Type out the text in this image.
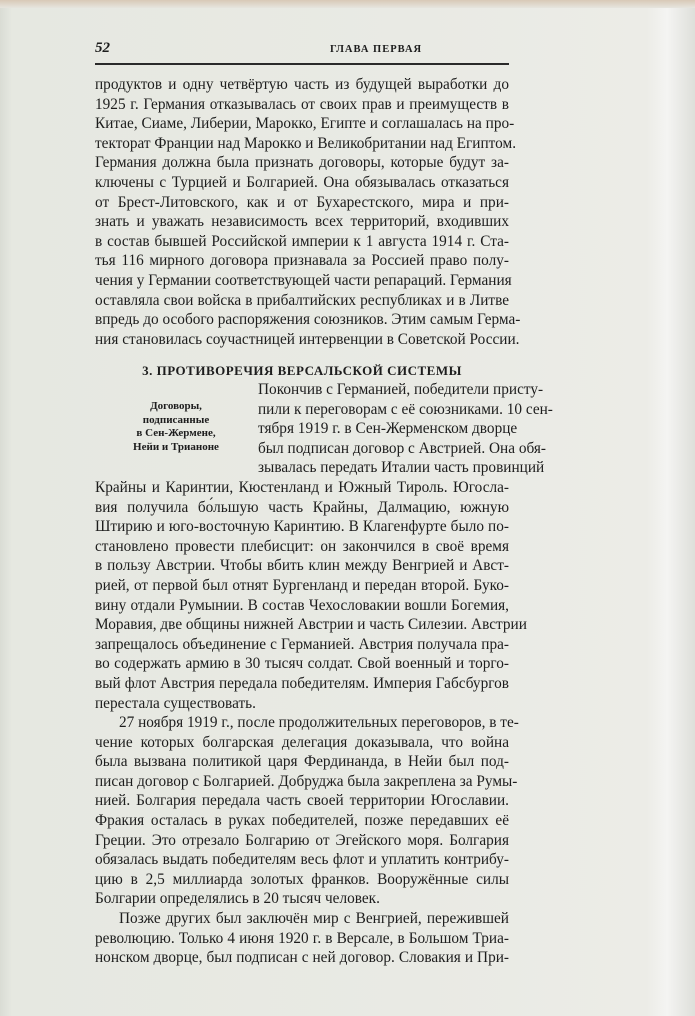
52	ГЛАВА ПЕРВАЯ
продуктов и одну четвёртую часть из будущей выработки до
1925 г. Германия отказывалась от своих прав и преимуществ в
Китае, Сиаме, Либерии, Марокко, Египте и соглашалась на про-
текторат Франции над Марокко и Великобритании над Египтом.
Германия должна была признать договоры, которые будут за-
ключены с Турцией и Болгарией. Она обязывалась отказаться
от Брест-Литовского, как и от Бухарестского, мира и при-
знать и уважать независимость всех территорий, входивших
в состав бывшей Российской империи к 1 августа 1914 г. Ста-
тья 116 мирного договора признавала за Россией право полу-
чения у Германии соответствующей части репараций. Германия
оставляла свои войска в прибалтийских республиках и в Литве
впредь до особого распоряжения союзников. Этим самым Герма-
ния становилась соучастницей интервенции в Советской России.
3. ПРОТИВОРЕЧИЯ ВЕРСАЛЬСКОЙ СИСТЕМЫ
Договоры,
подписанные
в Сен-Жермене,
Нейи и Трианоне
Покончив с Германией, победители присту-
пили к переговорам с её союзниками. 10 сен-
тября 1919 г. в Сен-Жерменском дворце
был подписан договор с Австрией. Она обя-
зывалась передать Италии часть провинций
Крайны и Каринтии, Кюстенланд и Южный Тироль. Югосла-
вия получила бо́льшую часть Крайны, Далмацию, южную
Штирию и юго-восточную Каринтию. В Клагенфурте было по-
становлено провести плебисцит: он закончился в своё время
в пользу Австрии. Чтобы вбить клин между Венгрией и Авст-
рией, от первой был отнят Бургенланд и передан второй. Буко-
вину отдали Румынии. В состав Чехословакии вошли Богемия,
Моравия, две общины нижней Австрии и часть Силезии. Австрии
запрещалось объединение с Германией. Австрия получала пра-
во содержать армию в 30 тысяч солдат. Свой военный и торго-
вый флот Австрия передала победителям. Империя Габсбургов
перестала существовать.
27 ноября 1919 г., после продолжительных переговоров, в те-
чение которых болгарская делегация доказывала, что война
была вызвана политикой царя Фердинанда, в Нейи был под-
писан договор с Болгарией. Добруджа была закреплена за Румы-
нией. Болгария передала часть своей территории Югославии.
Фракия осталась в руках победителей, позже передавших её
Греции. Это отрезало Болгарию от Эгейского моря. Болгария
обязалась выдать победителям весь флот и уплатить контрибу-
цию в 2,5 миллиарда золотых франков. Вооружённые силы
Болгарии определялись в 20 тысяч человек.
Позже других был заключён мир с Венгрией, пережившей
революцию. Только 4 июня 1920 г. в Версале, в Большом Триа-
нонском дворце, был подписан с ней договор. Словакия и При-
